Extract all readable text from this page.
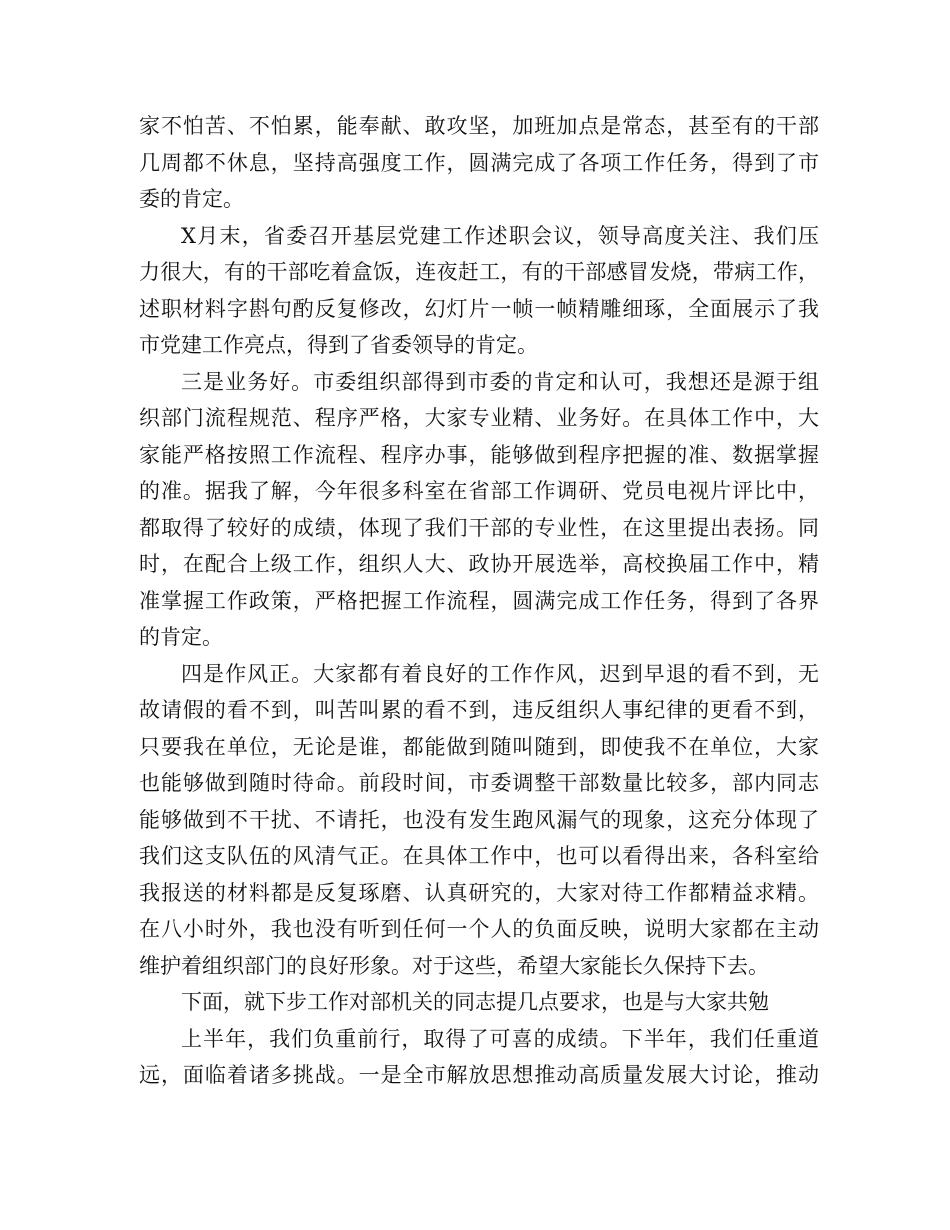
家不怕苦、不怕累，能奉献、敢攻坚，加班加点是常态，甚至有的干部
几周都不休息，坚持高强度工作，圆满完成了各项工作任务，得到了市
委的肯定。
X月末，省委召开基层党建工作述职会议，领导高度关注、我们压
力很大，有的干部吃着盒饭，连夜赶工，有的干部感冒发烧，带病工作，
述职材料字斟句酌反复修改，幻灯片一帧一帧精雕细琢，全面展示了我
市党建工作亮点，得到了省委领导的肯定。
三是业务好。市委组织部得到市委的肯定和认可，我想还是源于组
织部门流程规范、程序严格，大家专业精、业务好。在具体工作中，大
家能严格按照工作流程、程序办事，能够做到程序把握的准、数据掌握
的准。据我了解，今年很多科室在省部工作调研、党员电视片评比中，
都取得了较好的成绩，体现了我们干部的专业性，在这里提出表扬。同
时，在配合上级工作，组织人大、政协开展选举，高校换届工作中，精
准掌握工作政策，严格把握工作流程，圆满完成工作任务，得到了各界
的肯定。
四是作风正。大家都有着良好的工作作风，迟到早退的看不到，无
故请假的看不到，叫苦叫累的看不到，违反组织人事纪律的更看不到，
只要我在单位，无论是谁，都能做到随叫随到，即使我不在单位，大家
也能够做到随时待命。前段时间，市委调整干部数量比较多，部内同志
能够做到不干扰、不请托，也没有发生跑风漏气的现象，这充分体现了
我们这支队伍的风清气正。在具体工作中，也可以看得出来，各科室给
我报送的材料都是反复琢磨、认真研究的，大家对待工作都精益求精。
在八小时外，我也没有听到任何一个人的负面反映，说明大家都在主动
维护着组织部门的良好形象。对于这些，希望大家能长久保持下去。
下面，就下步工作对部机关的同志提几点要求，也是与大家共勉
上半年，我们负重前行，取得了可喜的成绩。下半年，我们任重道
远，面临着诸多挑战。一是全市解放思想推动高质量发展大讨论，推动
